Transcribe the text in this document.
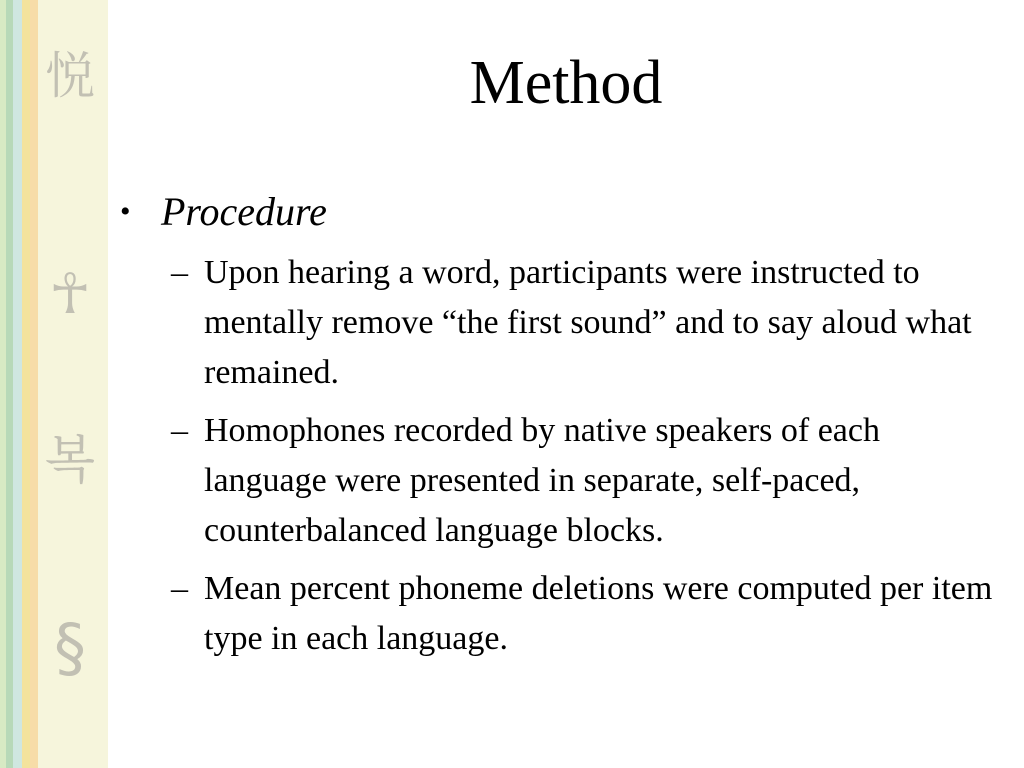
悦
☥
복
§
Method
• Procedure
– Upon hearing a word, participants were instructed to mentally remove “the first sound” and to say aloud what remained.
– Homophones recorded by native speakers of each language were presented in separate, self-paced, counterbalanced language blocks.
– Mean percent phoneme deletions were computed per item type in each language.
